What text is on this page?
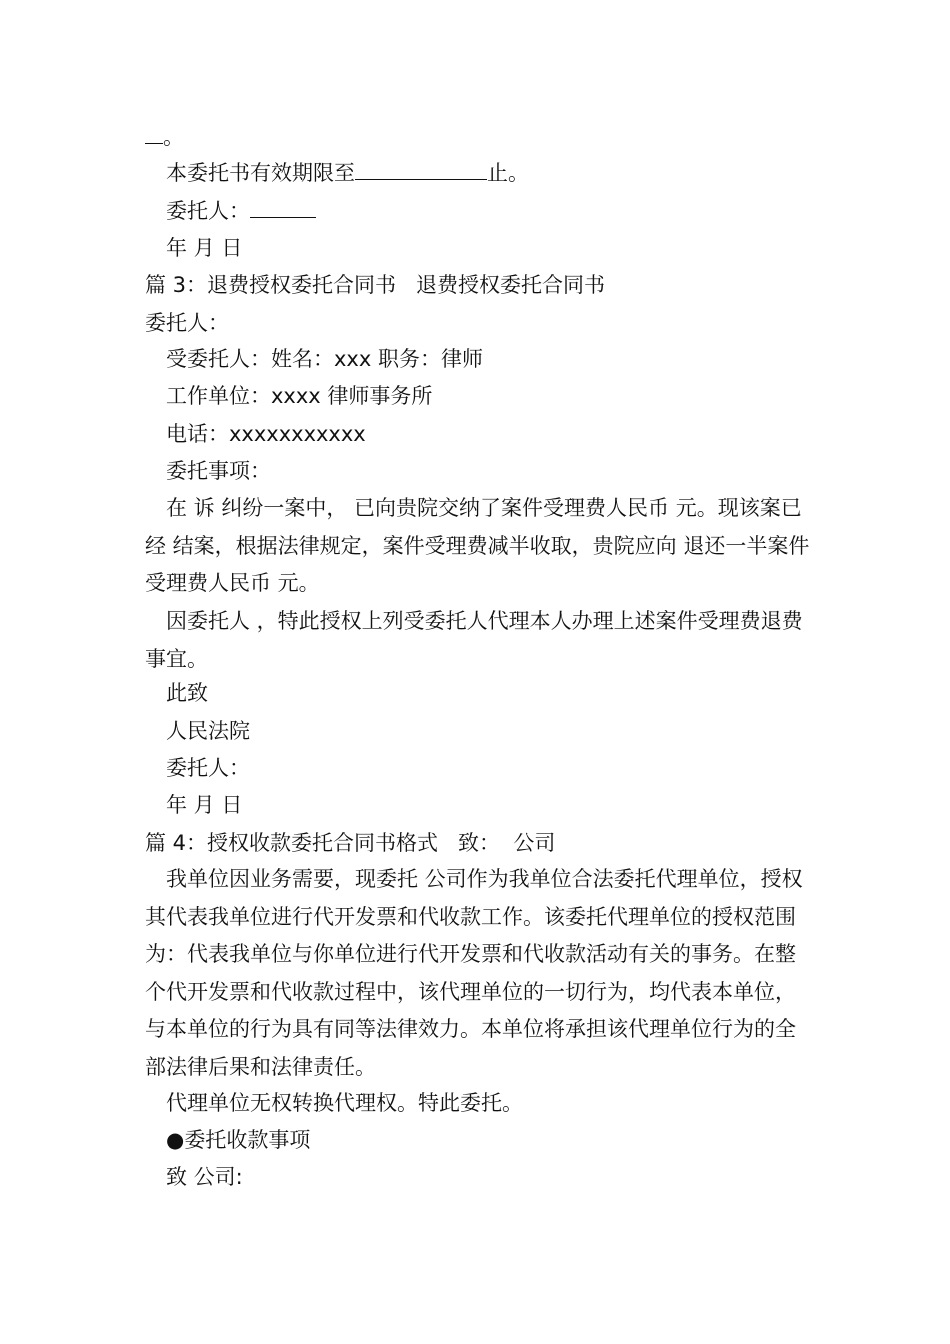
。
本委托书有效期限至	止。
委托人：
年 月 日
篇 3：退费授权委托合同书   退费授权委托合同书
委托人：
受委托人：姓名：xxx 职务：律师
工作单位：xxxx 律师事务所
电话：xxxxxxxxxxx
委托事项：
在 诉 纠纷一案中， 已向贵院交纳了案件受理费人民币 元。现该案已经 结案，根据法律规定，案件受理费减半收取，贵院应向 退还一半案件受理费人民币 元。
因委托人 ，特此授权上列受委托人代理本人办理上述案件受理费退费事宜。
此致
人民法院
委托人：
年 月 日
篇 4：授权收款委托合同书格式   致：  公司
我单位因业务需要，现委托 公司作为我单位合法委托代理单位，授权其代表我单位进行代开发票和代收款工作。该委托代理单位的授权范围为：代表我单位与你单位进行代开发票和代收款活动有关的事务。在整个代开发票和代收款过程中，该代理单位的一切行为，均代表本单位，与本单位的行为具有同等法律效力。本单位将承担该代理单位行为的全部法律后果和法律责任。
代理单位无权转换代理权。特此委托。
●委托收款事项
致 公司:
